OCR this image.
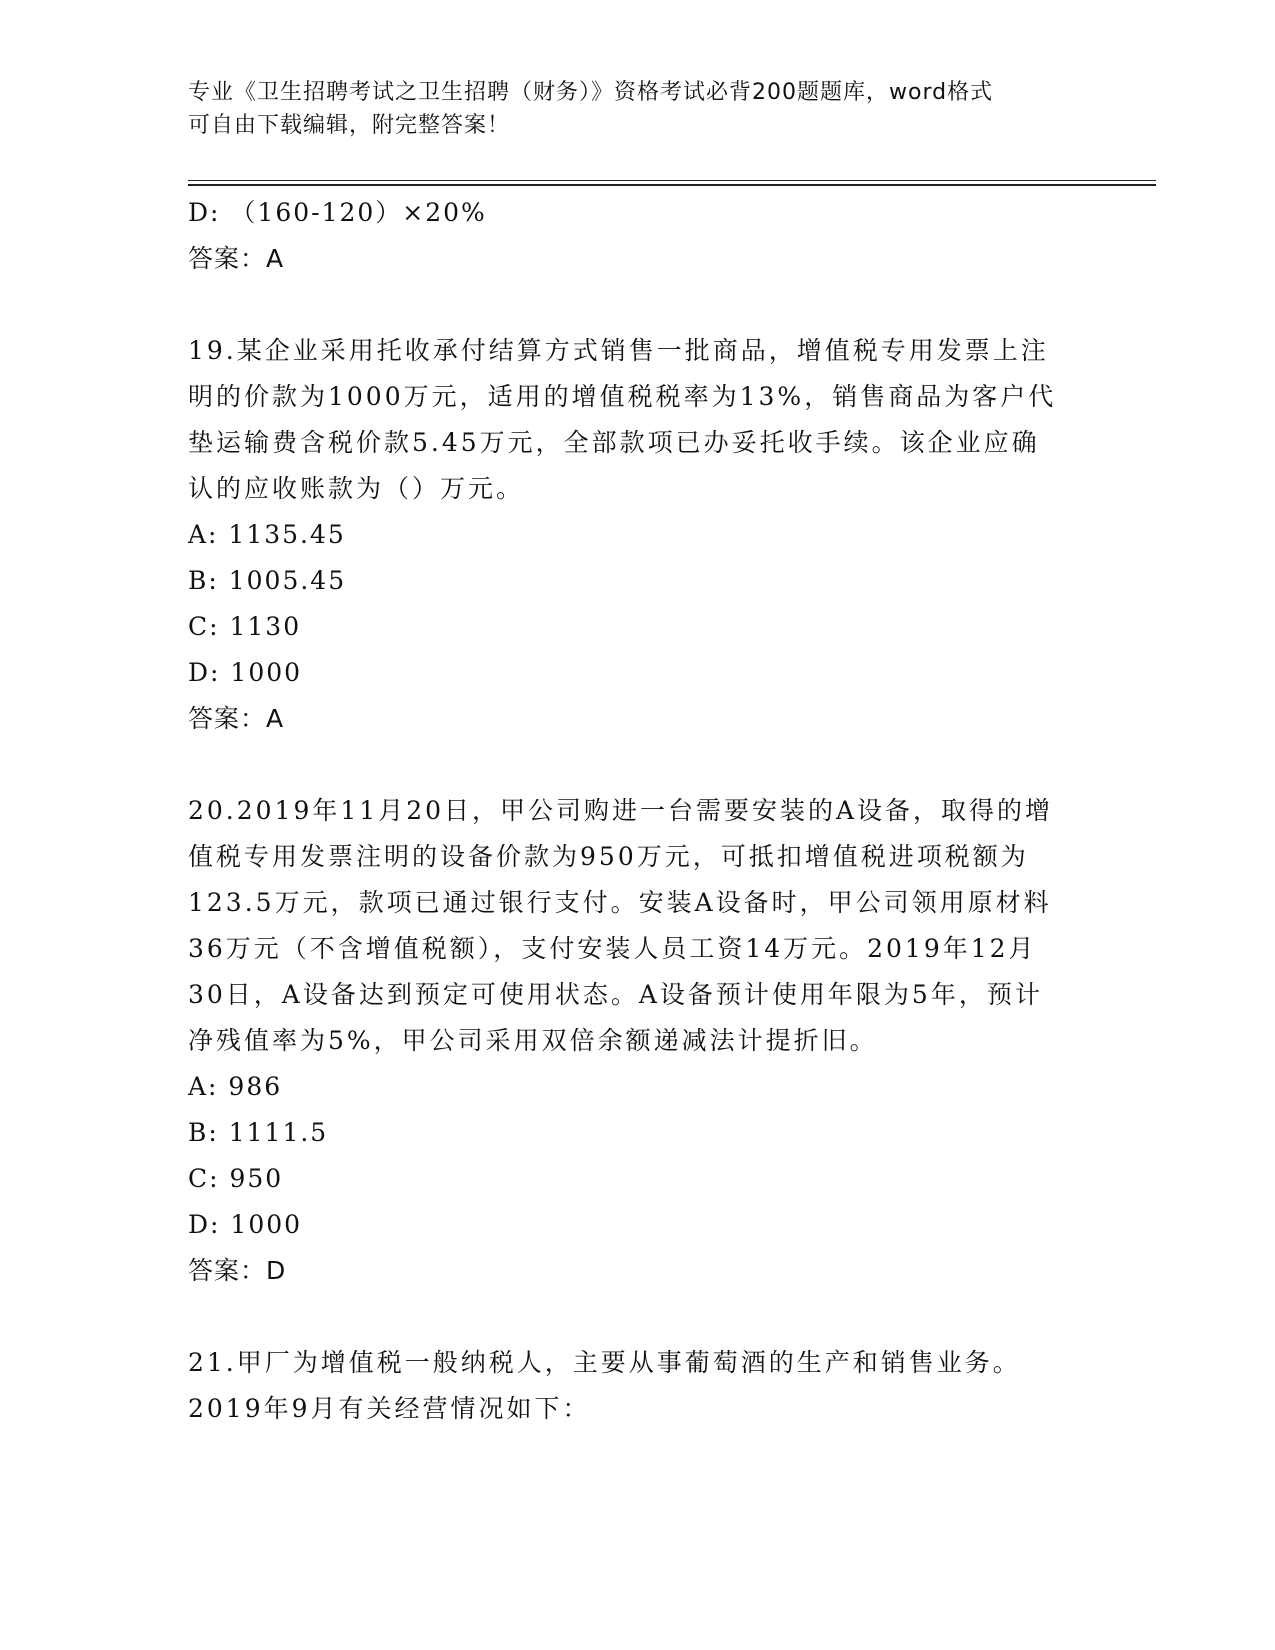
专业《卫生招聘考试之卫生招聘（财务）》资格考试必背200题题库，word格式
可自由下载编辑，附完整答案！
D: （160-120）×20%
答案：A
19.某企业采用托收承付结算方式销售一批商品，增值税专用发票上注
明的价款为1000万元，适用的增值税税率为13%，销售商品为客户代
垫运输费含税价款5.45万元，全部款项已办妥托收手续。该企业应确
认的应收账款为（）万元。
A: 1135.45
B: 1005.45
C: 1130
D: 1000
答案：A
20.2019年11月20日，甲公司购进一台需要安装的A设备，取得的增
值税专用发票注明的设备价款为950万元，可抵扣增值税进项税额为
123.5万元，款项已通过银行支付。安装A设备时，甲公司领用原材料
36万元（不含增值税额），支付安装人员工资14万元。2019年12月
30日，A设备达到预定可使用状态。A设备预计使用年限为5年，预计
净残值率为5%，甲公司采用双倍余额递减法计提折旧。
A: 986
B: 1111.5
C: 950
D: 1000
答案：D
21.甲厂为增值税一般纳税人，主要从事葡萄酒的生产和销售业务。
2019年9月有关经营情况如下：
